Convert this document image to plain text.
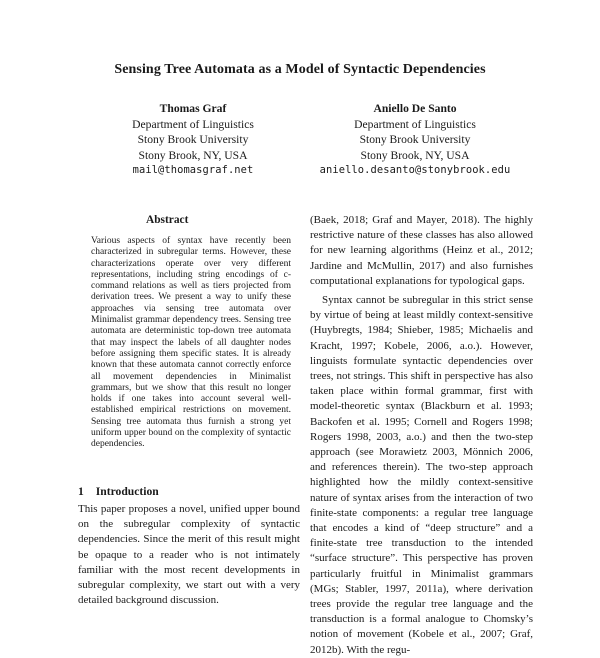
Sensing Tree Automata as a Model of Syntactic Dependencies
Thomas Graf
Department of Linguistics
Stony Brook University
Stony Brook, NY, USA
mail@thomasgraf.net
Aniello De Santo
Department of Linguistics
Stony Brook University
Stony Brook, NY, USA
aniello.desanto@stonybrook.edu
Abstract

Various aspects of syntax have recently been characterized in subregular terms. However, these characterizations operate over very different representations, including string encodings of c-command relations as well as tiers projected from derivation trees. We present a way to unify these approaches via sensing tree automata over Minimalist grammar dependency trees. Sensing tree automata are deterministic top-down tree automata that may inspect the labels of all daughter nodes before assigning them specific states. It is already known that these automata cannot correctly enforce all movement dependencies in Minimalist grammars, but we show that this result no longer holds if one takes into account several well-established empirical restrictions on movement. Sensing tree automata thus furnish a strong yet uniform upper bound on the complexity of syntactic dependencies.

1 Introduction

This paper proposes a novel, unified upper bound on the subregular complexity of syntactic dependencies. Since the merit of this result might be opaque to a reader who is not intimately familiar with the most recent developments in subregular complexity, we start out with a very detailed background discussion.

(Baek, 2018; Graf and Mayer, 2018). The highly restrictive nature of these classes has also allowed for new learning algorithms (Heinz et al., 2012; Jardine and McMullin, 2017) and also furnishes computational explanations for typological gaps.

Syntax cannot be subregular in this strict sense by virtue of being at least mildly context-sensitive (Huybregts, 1984; Shieber, 1985; Michaelis and Kracht, 1997; Kobele, 2006, a.o.). However, linguists formulate syntactic dependencies over trees, not strings. This shift in perspective has also taken place within formal grammar, first with model-theoretic syntax (Blackburn et al. 1993; Backofen et al. 1995; Cornell and Rogers 1998; Rogers 1998, 2003, a.o.) and then the two-step approach (see Morawietz 2003, Mönnich 2006, and references therein). The two-step approach highlighted how the mildly context-sensitive nature of syntax arises from the interaction of two finite-state components: a regular tree language that encodes a kind of “deep structure” and a finite-state tree transduction to the intended “surface structure”. This perspective has proven particularly fruitful in Minimalist grammars (MGs; Stabler, 1997, 2011a), where derivation trees provide the regular tree language and the transduction is a formal analogue to Chomsky’s notion of movement (Kobele et al., 2007; Graf, 2012b). With the regu-
